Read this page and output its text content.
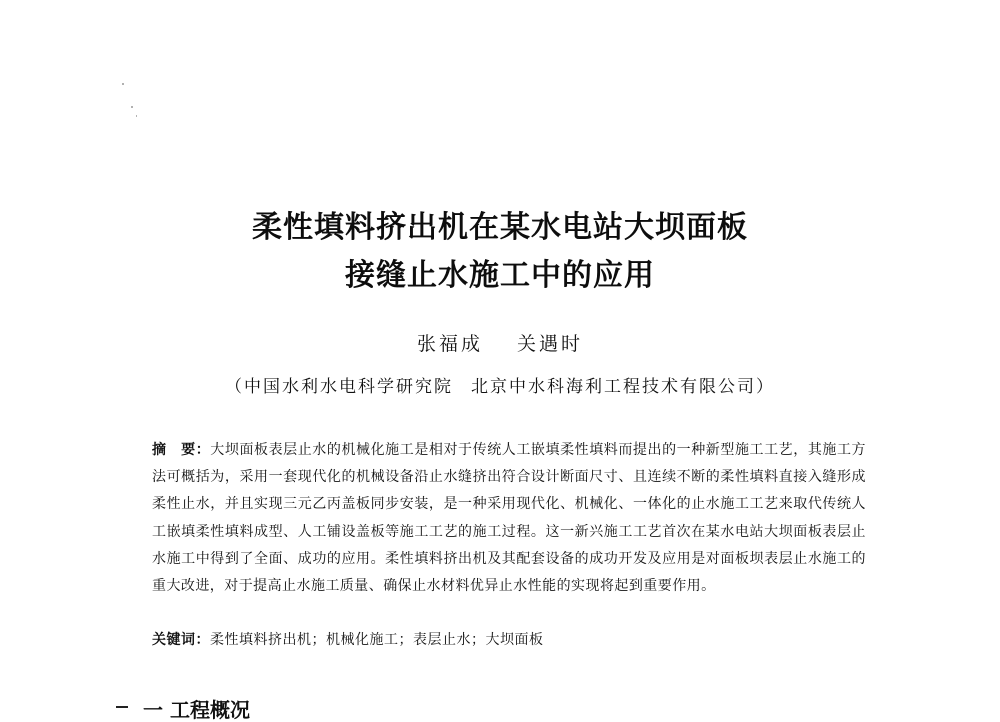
柔性填料挤出机在某水电站大坝面板
接缝止水施工中的应用
张福成 关遇时
（中国水利水电科学研究院 北京中水科海利工程技术有限公司）
摘　要：大坝面板表层止水的机械化施工是相对于传统人工嵌填柔性填料而提出的一种新型施工工艺，其施工方法可概括为，采用一套现代化的机械设备沿止水缝挤出符合设计断面尺寸、且连续不断的柔性填料直接入缝形成柔性止水，并且实现三元乙丙盖板同步安装，是一种采用现代化、机械化、一体化的止水施工工艺来取代传统人工嵌填柔性填料成型、人工铺设盖板等施工工艺的施工过程。这一新兴施工工艺首次在某水电站大坝面板表层止水施工中得到了全面、成功的应用。柔性填料挤出机及其配套设备的成功开发及应用是对面板坝表层止水施工的重大改进，对于提高止水施工质量、确保止水材料优异止水性能的实现将起到重要作用。
关键词：柔性填料挤出机；机械化施工；表层止水；大坝面板
一 工程概况
